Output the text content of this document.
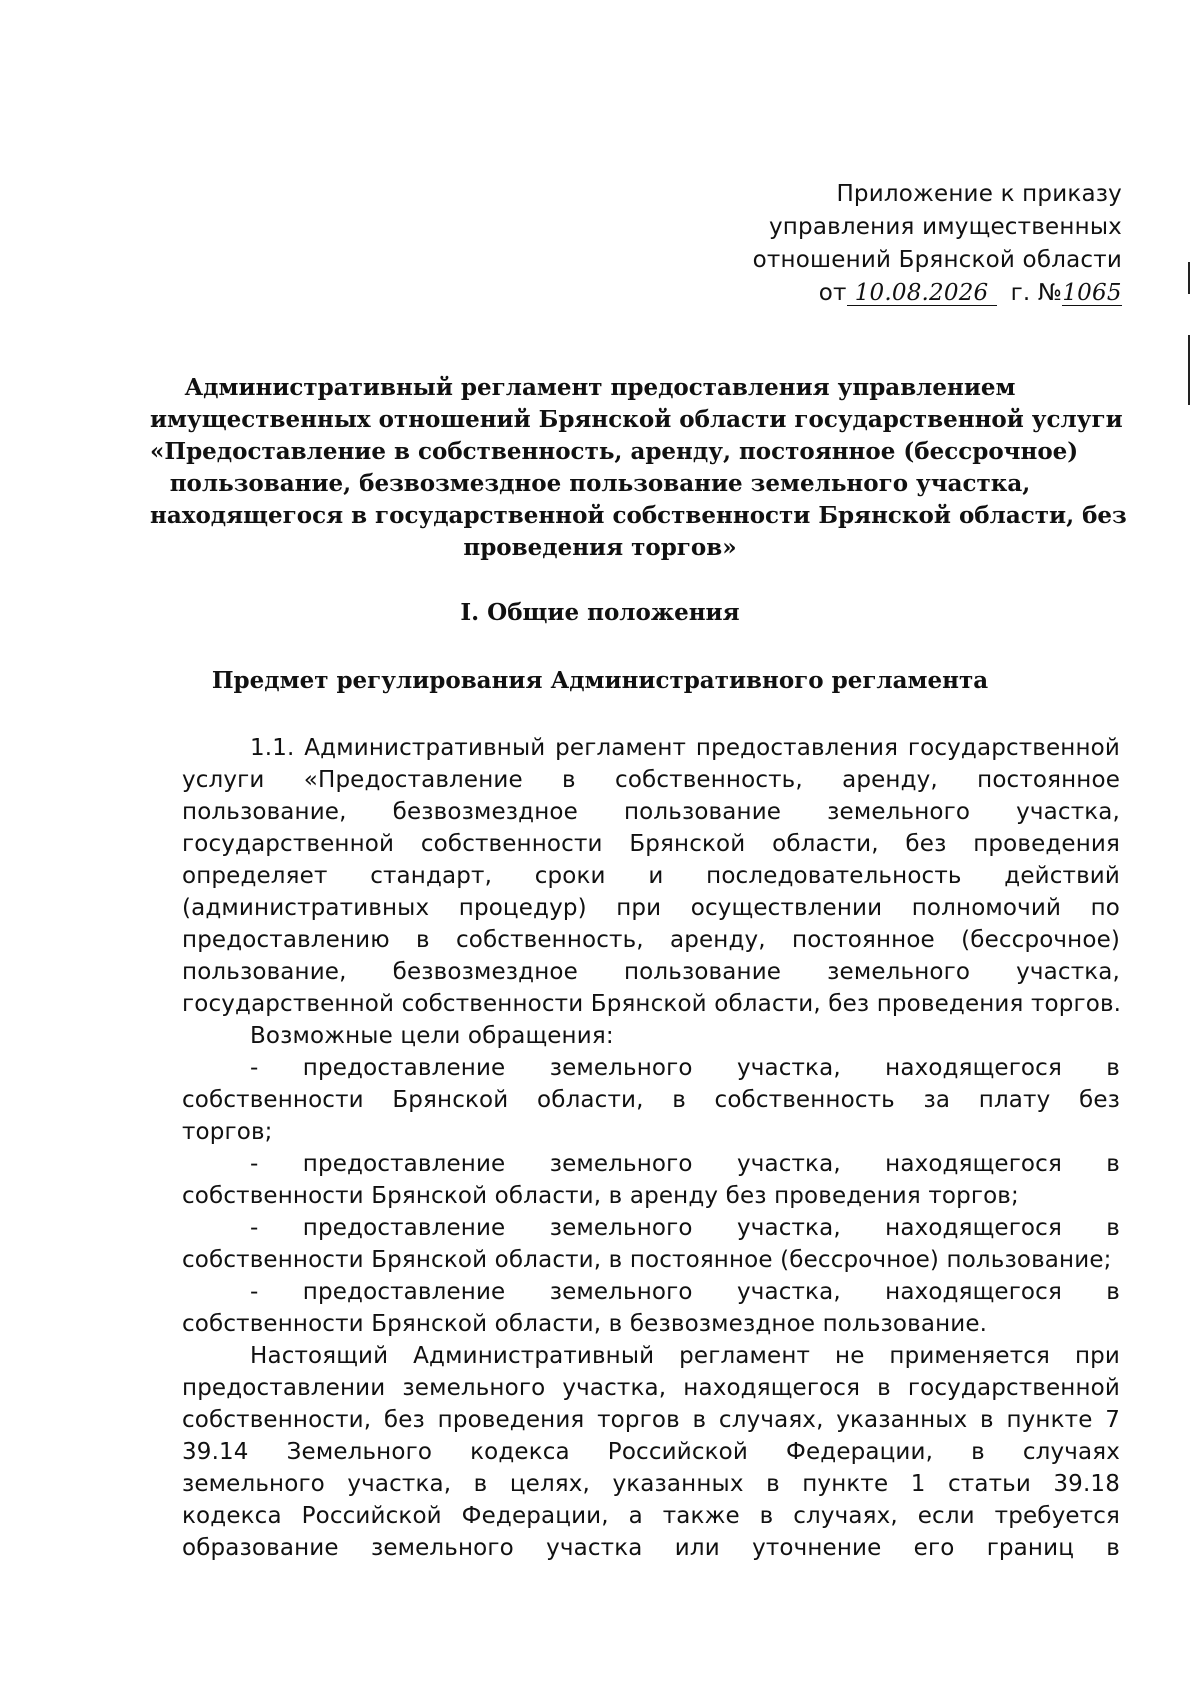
Приложение к приказу
управления имущественных
отношений Брянской области
от 10.08.2026 г. №1065
Административный регламент предоставления управлением
имущественных отношений Брянской области государственной услуги
«Предоставление в собственность, аренду, постоянное (бессрочное)
пользование, безвозмездное пользование земельного участка,
находящегося в государственной собственности Брянской области, без
проведения торгов»
I. Общие положения
Предмет регулирования Административного регламента
1.1. Административный регламент предоставления государственной
услуги «Предоставление в собственность, аренду, постоянное
пользование, безвозмездное пользование земельного участка,
государственной собственности Брянской области, без проведения
определяет стандарт, сроки и последовательность действий
(административных процедур) при осуществлении полномочий по
предоставлению в собственность, аренду, постоянное (бессрочное)
пользование, безвозмездное пользование земельного участка,
государственной собственности Брянской области, без проведения торгов.
Возможные цели обращения:
- предоставление земельного участка, находящегося в
собственности Брянской области, в собственность за плату без
торгов;
- предоставление земельного участка, находящегося в
собственности Брянской области, в аренду без проведения торгов;
- предоставление земельного участка, находящегося в
собственности Брянской области, в постоянное (бессрочное) пользование;
- предоставление земельного участка, находящегося в
собственности Брянской области, в безвозмездное пользование.
Настоящий Административный регламент не применяется при
предоставлении земельного участка, находящегося в государственной
собственности, без проведения торгов в случаях, указанных в пункте 7
39.14 Земельного кодекса Российской Федерации, в случаях
земельного участка, в целях, указанных в пункте 1 статьи 39.18
кодекса Российской Федерации, а также в случаях, если требуется
образование земельного участка или уточнение его границ в
